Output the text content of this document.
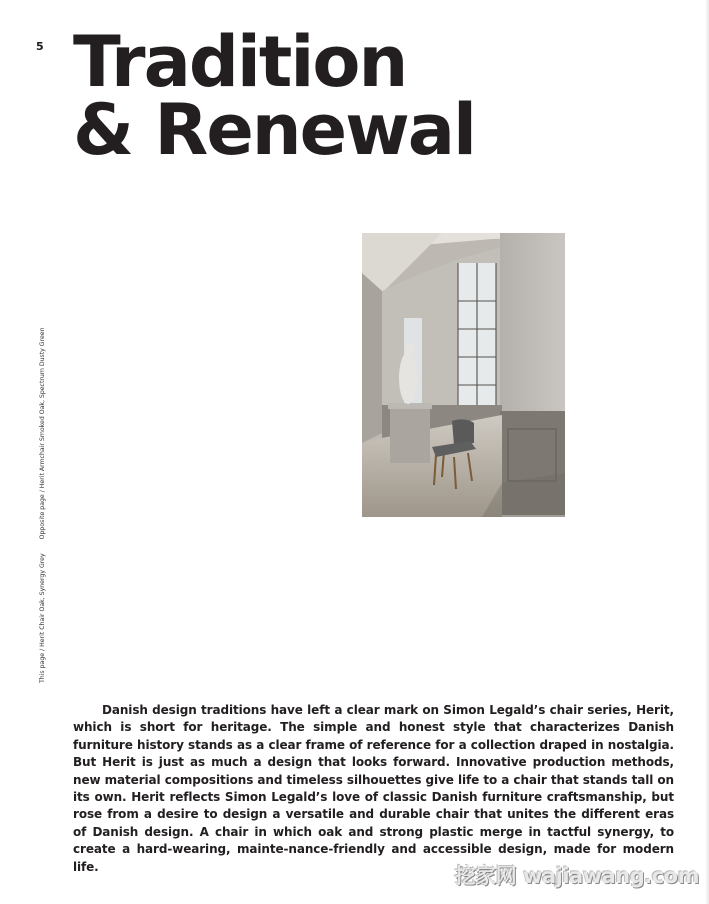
5 Tradition
& Renewal
This page / Herit Chair Oak, Synergy Grey
Opposite page / Herit Armchair Smoked Oak, Spectrum Dusty Green

Danish design traditions have left a clear mark on Simon Legald’s chair series, Herit, which is short for heritage. The simple and honest style that characterizes Danish furniture history stands as a clear frame of reference for a collection draped in nostalgia. But Herit is just as much a design that looks forward. Innovative production methods, new material compositions and timeless silhouettes give life to a chair that stands tall on its own. Herit reflects Simon Legald’s love of classic Danish furniture craftsmanship, but rose from a desire to design a versatile and durable chair that unites the different eras of Danish design. A chair in which oak and strong plastic merge in tactful synergy, to create a hard-wearing, mainte-nance-friendly and accessible design, made for modern life.	挖家网 wajiawang.com
